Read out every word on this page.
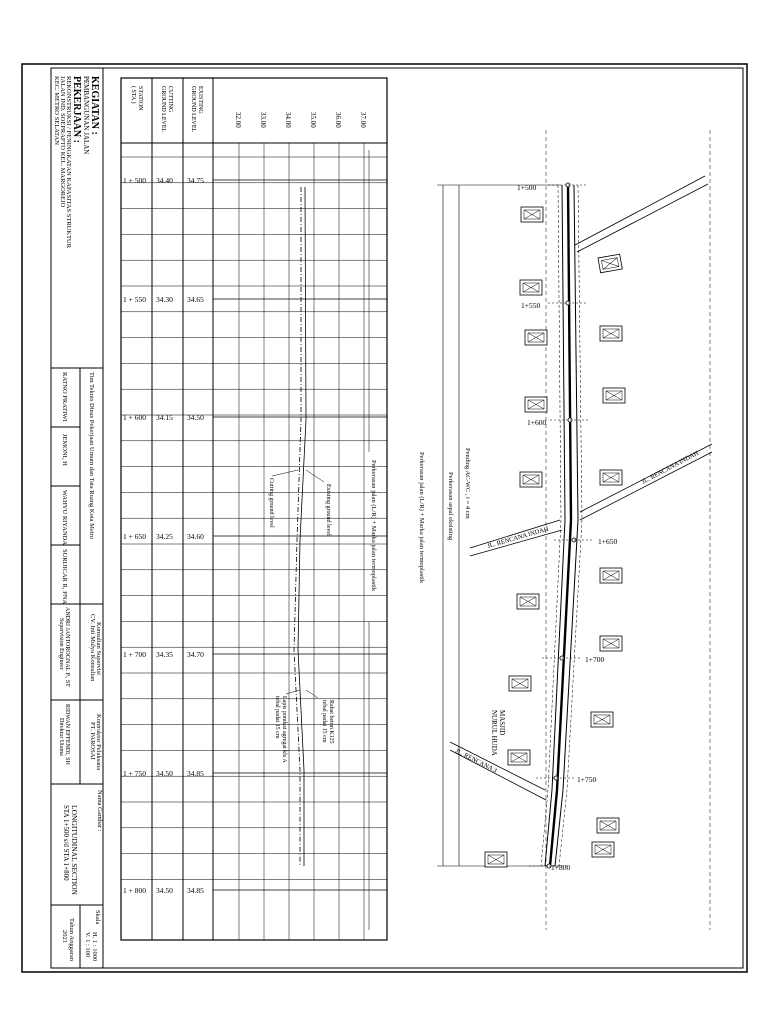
KEGIATAN :
PEMBANGUNAN JALAN
PEKERJAAN :
REKONSTRUKSI / PENINGKATAN KAPASITAS STRUKTUR
JALAN IND. SOEPRAPTO KEL. MARGOREJO
KEC. METRO SELATAN
Tim Teknis Dinas Pekerjaan Umum dan Tata Ruang Kota Metro
RATNO PRATIWI
JEMONI, H
WAHYU RIYANDA
SURIJICAR R, PNA
Konsultan Supervisi
CV. Inti Mulya Konsultan
ANDRI JANTOROGNAL P., ST
Supervision Engineer
Kontraktor Pelaksana
PT. PAROSAI
RIDWAN EFFENDI, SH
Direktur Utama
Nama Gambar :
LONGITUDINAL SECTION
STA 1+500 s/d STA 1+800
Skala
H. 1 : 1000
V. 1 : 100
Tahun Anggaran
2021
32.00 33.00 34.00 35.00 36.00 37.00
1 + 500 34.40 34.75
1 + 550 34.30 34.65
1 + 600 34.15 34.50
1 + 650 34.25 34.60
1 + 700 34.35 34.70
1 + 750 34.50 34.85
1 + 800 34.50 34.85
EXISTING
GROUND LEVEL
CUTTING
GROUND LEVEL
STATION
( STA )
Existing ground level
Cutting ground level
Rabat beton K125
tebal padat 15 cm
Lapis pondasi agregat kls A
tebal padat 15 cm
Perkerasan jalan (L/R) + Marka jalan termoplastik	Perkerasan jalan (L/R) + Marka jalan termoplastik	Perkerasan aspal eksisting Pending AC-WC , t = 4 cm	JL. RENCANA INDAH
JL. RENCANA INDAH
JL. RENCANA 3
1+500
1+550
1+600
1+650
1+700
1+750
1+800
MASJID
NURUL HUDA
